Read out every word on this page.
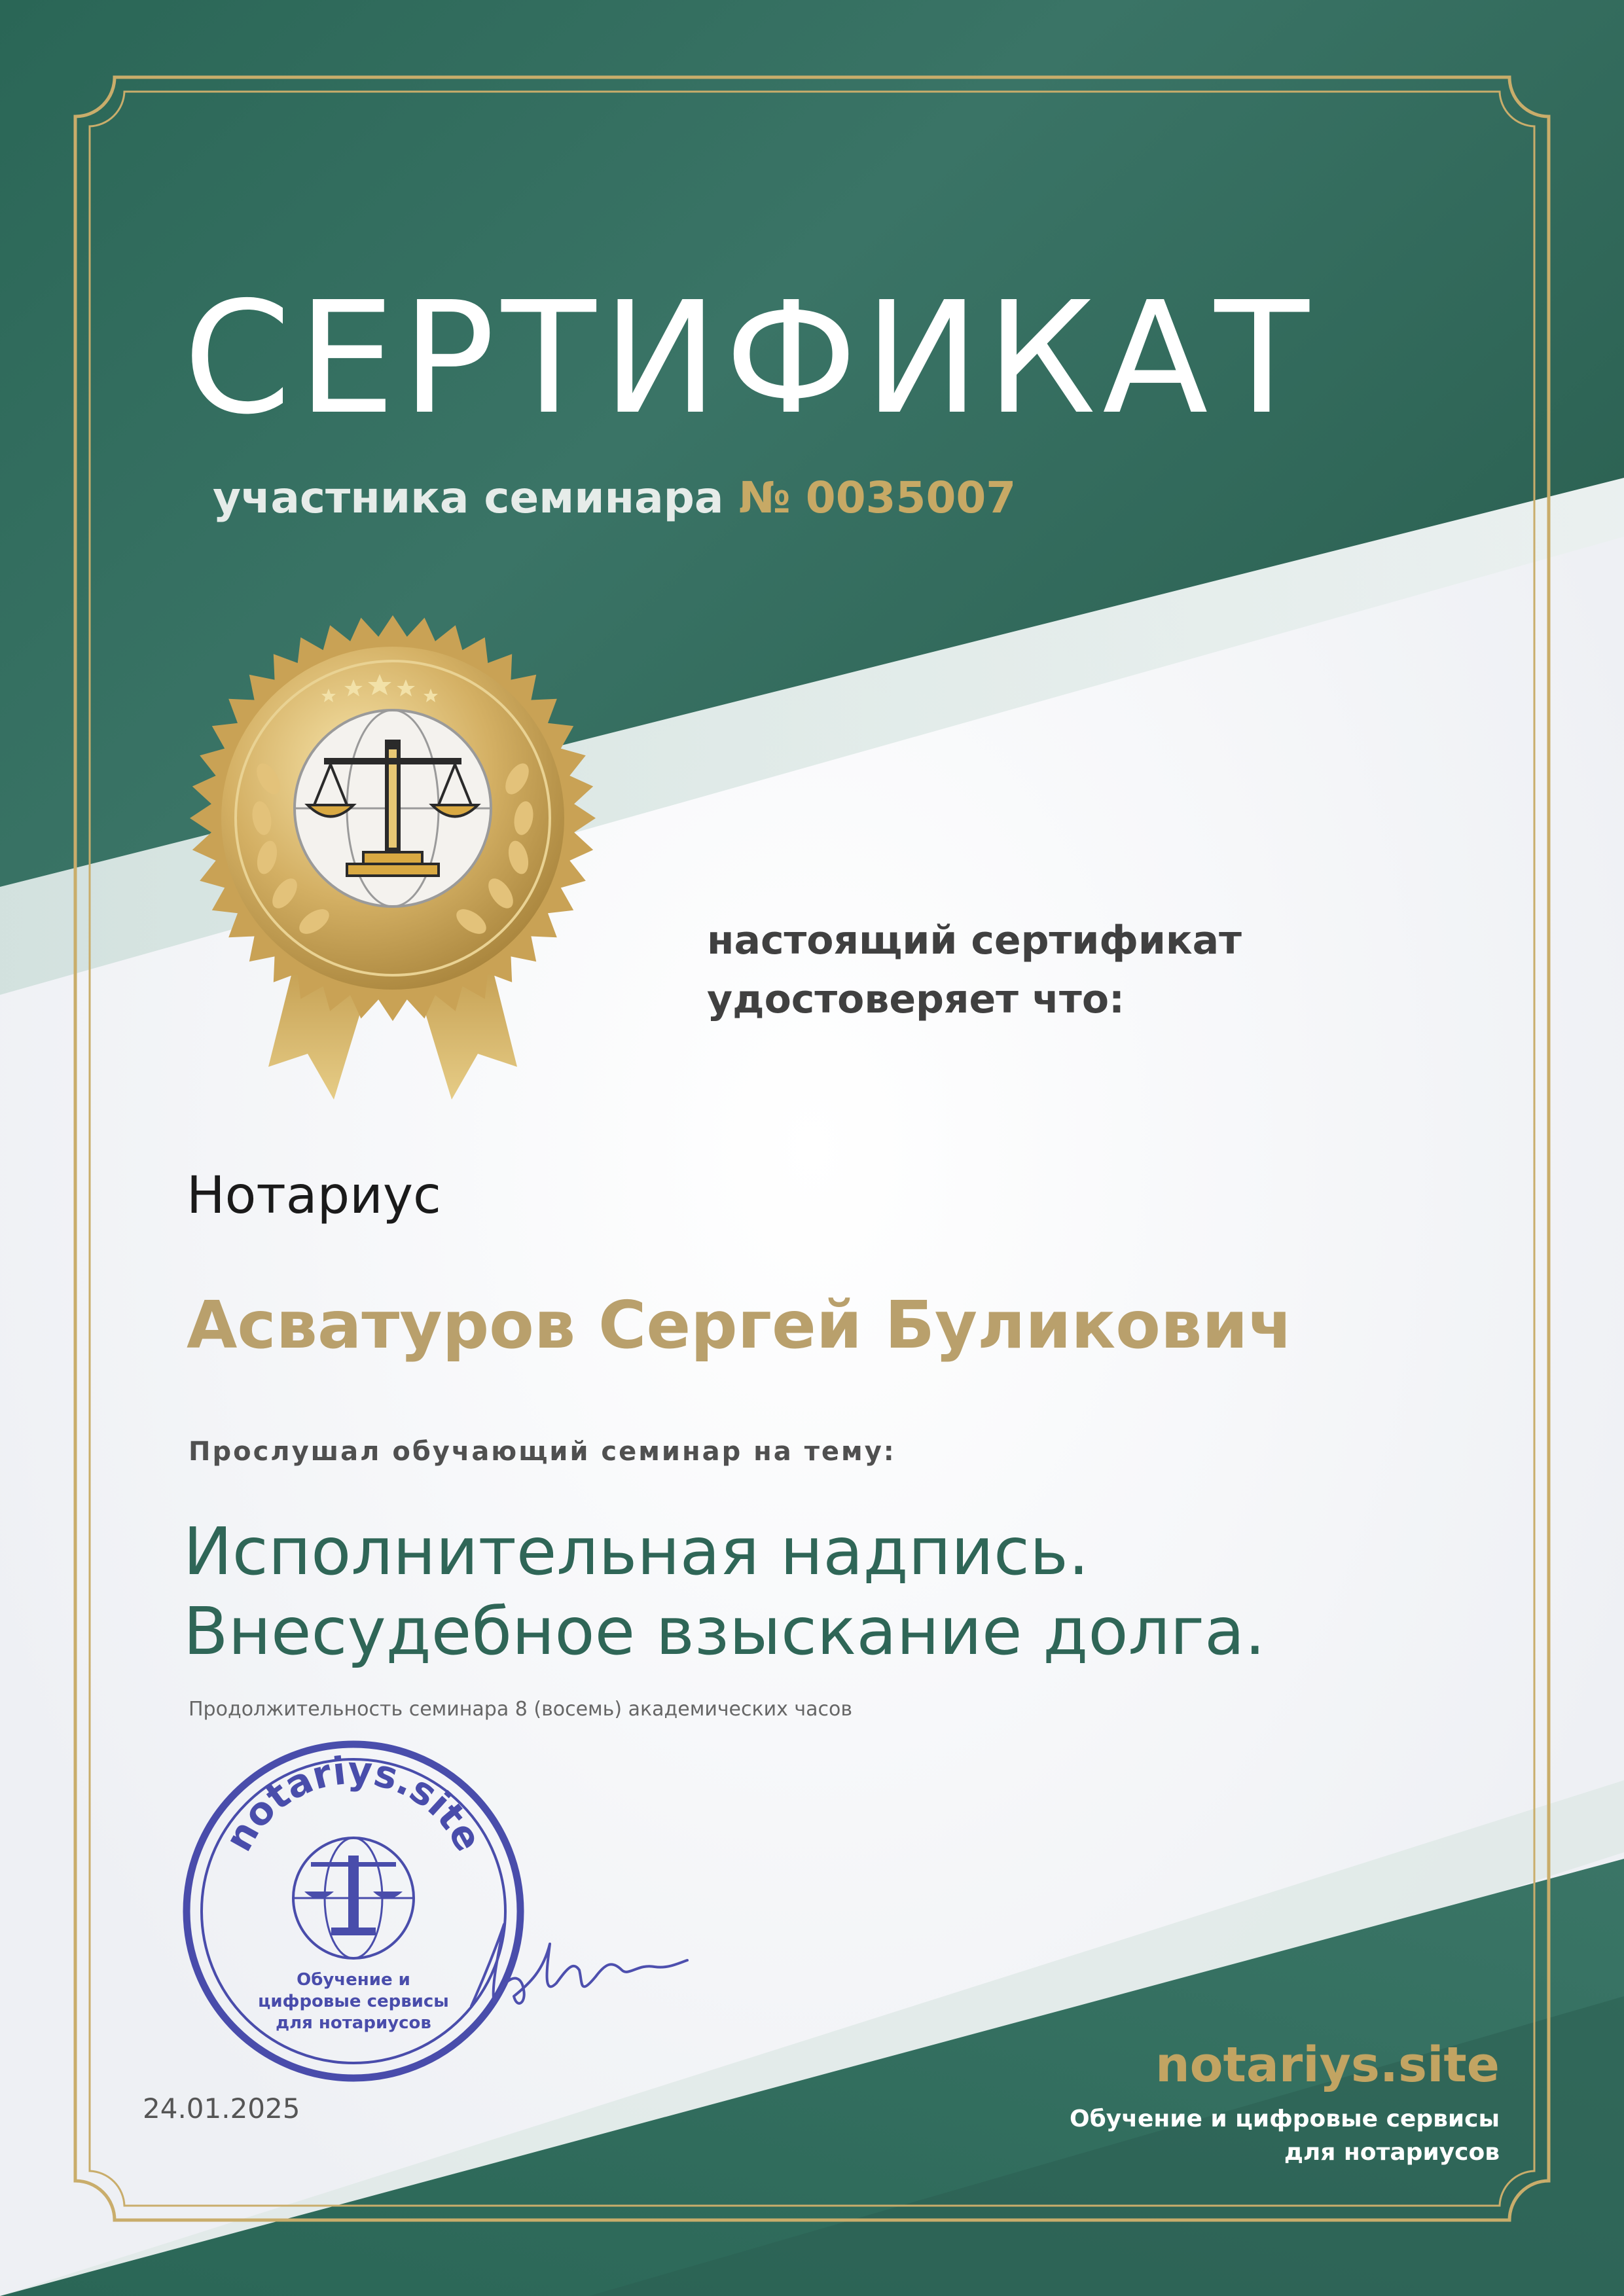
СЕРТИФИКАТ
участника семинара № 0035007
настоящий сертификат
удостоверяет что:
Нотариус
Асватуров Сергей Буликович
Прослушал обучающий семинар на тему:
Исполнительная надпись.
Внесудебное взыскание долга.
Продолжительность семинара 8 (восемь) академических часов
notariys.site
Обучение и
цифровые сервисы
для нотариусов
24.01.2025
notariys.site
Обучение и цифровые сервисы
для нотариусов
